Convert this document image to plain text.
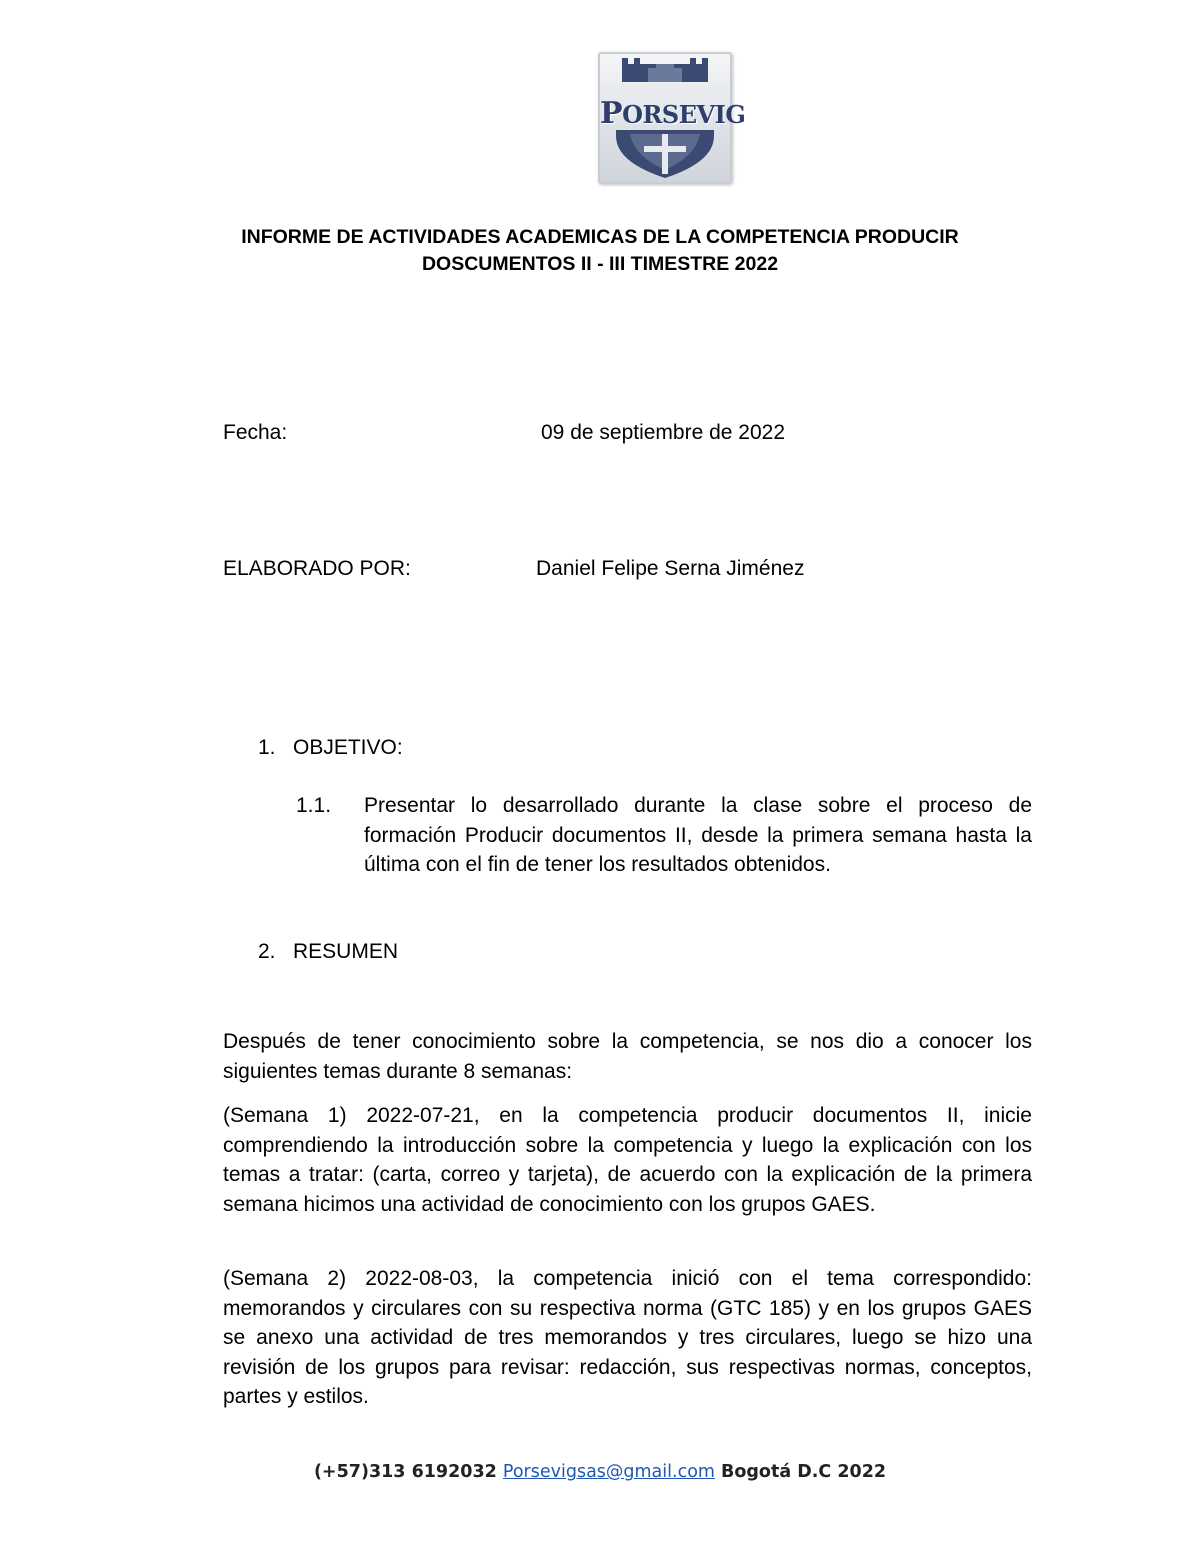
PORSEVIG
INFORME DE ACTIVIDADES ACADEMICAS DE LA COMPETENCIA PRODUCIR
DOSCUMENTOS II - III TIMESTRE 2022
Fecha:	09 de septiembre de 2022
ELABORADO POR:	Daniel Felipe Serna Jiménez
1. OBJETIVO:
1.1. Presentar lo desarrollado durante la clase sobre el proceso de formación Producir documentos II, desde la primera semana hasta la última con el fin de tener los resultados obtenidos.
2. RESUMEN
Después de tener conocimiento sobre la competencia, se nos dio a conocer los siguientes temas durante 8 semanas:
(Semana 1) 2022-07-21, en la competencia producir documentos II, inicie comprendiendo la introducción sobre la competencia y luego la explicación con los temas a tratar: (carta, correo y tarjeta), de acuerdo con la explicación de la primera semana hicimos una actividad de conocimiento con los grupos GAES.
(Semana 2) 2022-08-03, la competencia inició con el tema correspondido: memorandos y circulares con su respectiva norma (GTC 185) y en los grupos GAES se anexo una actividad de tres memorandos y tres circulares, luego se hizo una revisión de los grupos para revisar: redacción, sus respectivas normas, conceptos, partes y estilos.
(+57)313 6192032 Porsevigsas@gmail.com Bogotá D.C 2022
